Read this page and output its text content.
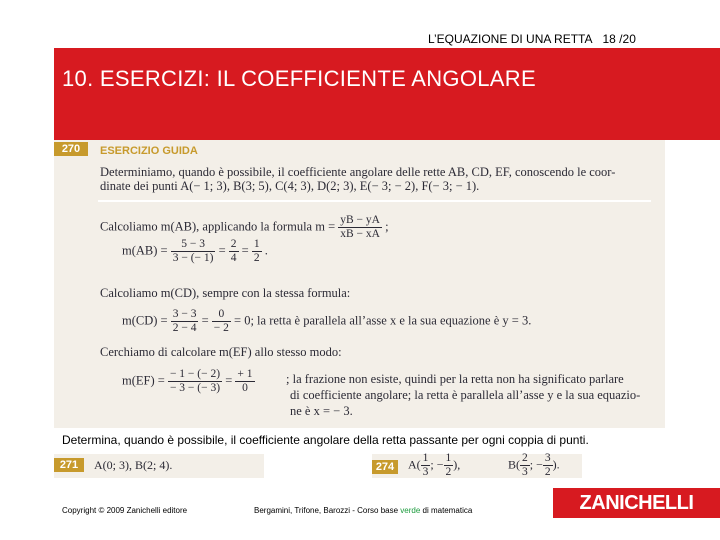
L’EQUAZIONE DI UNA RETTA 18 /20
10. ESERCIZI: IL COEFFICIENTE ANGOLARE
270	ESERCIZIO GUIDA
Determiniamo, quando è possibile, il coefficiente angolare delle rette AB, CD, EF, conoscendo le coor-
dinate dei punti A(− 1; 3), B(3; 5), C(4; 3), D(2; 3), E(− 3; − 2), F(− 3; − 1).
Calcoliamo m(AB), applicando la formula $m = \frac{yB - yA}{xB - xA}$ ;
$m(AB) = \frac{5 - 3}{3 - (- 1)} = \frac{2}{4} = \frac{1}{2}$ .
Calcoliamo m(CD), sempre con la stessa formula:
$m(CD) = \frac{3 - 3}{2 - 4} = \frac{0}{- 2} = 0$; la retta è parallela all’asse x e la sua equazione è y = 3.
Cerchiamo di calcolare m(EF) allo stesso modo:
$m(EF) = \frac{- 1 - (- 2)}{- 3 - (- 3)} = \frac{+ 1}{0}$	; la frazione non esiste, quindi per la retta non ha significato parlare
di coefficiente angolare; la retta è parallela all’asse y e la sua equazio-
ne è x = − 3.
Determina, quando è possibile, il coefficiente angolare della retta passante per ogni coppia di punti.
271	A(0; 3), B(2; 4).	274	$A( \frac{1}{3}$ ; − $\frac{1}{2}$ ),	$B( \frac{2}{3}$ ; − $\frac{3}{2}$ ).
Copyright © 2009 Zanichelli editore	Bergamini, Trifone, Barozzi - Corso base verde di matematica	ZANICHELLI
